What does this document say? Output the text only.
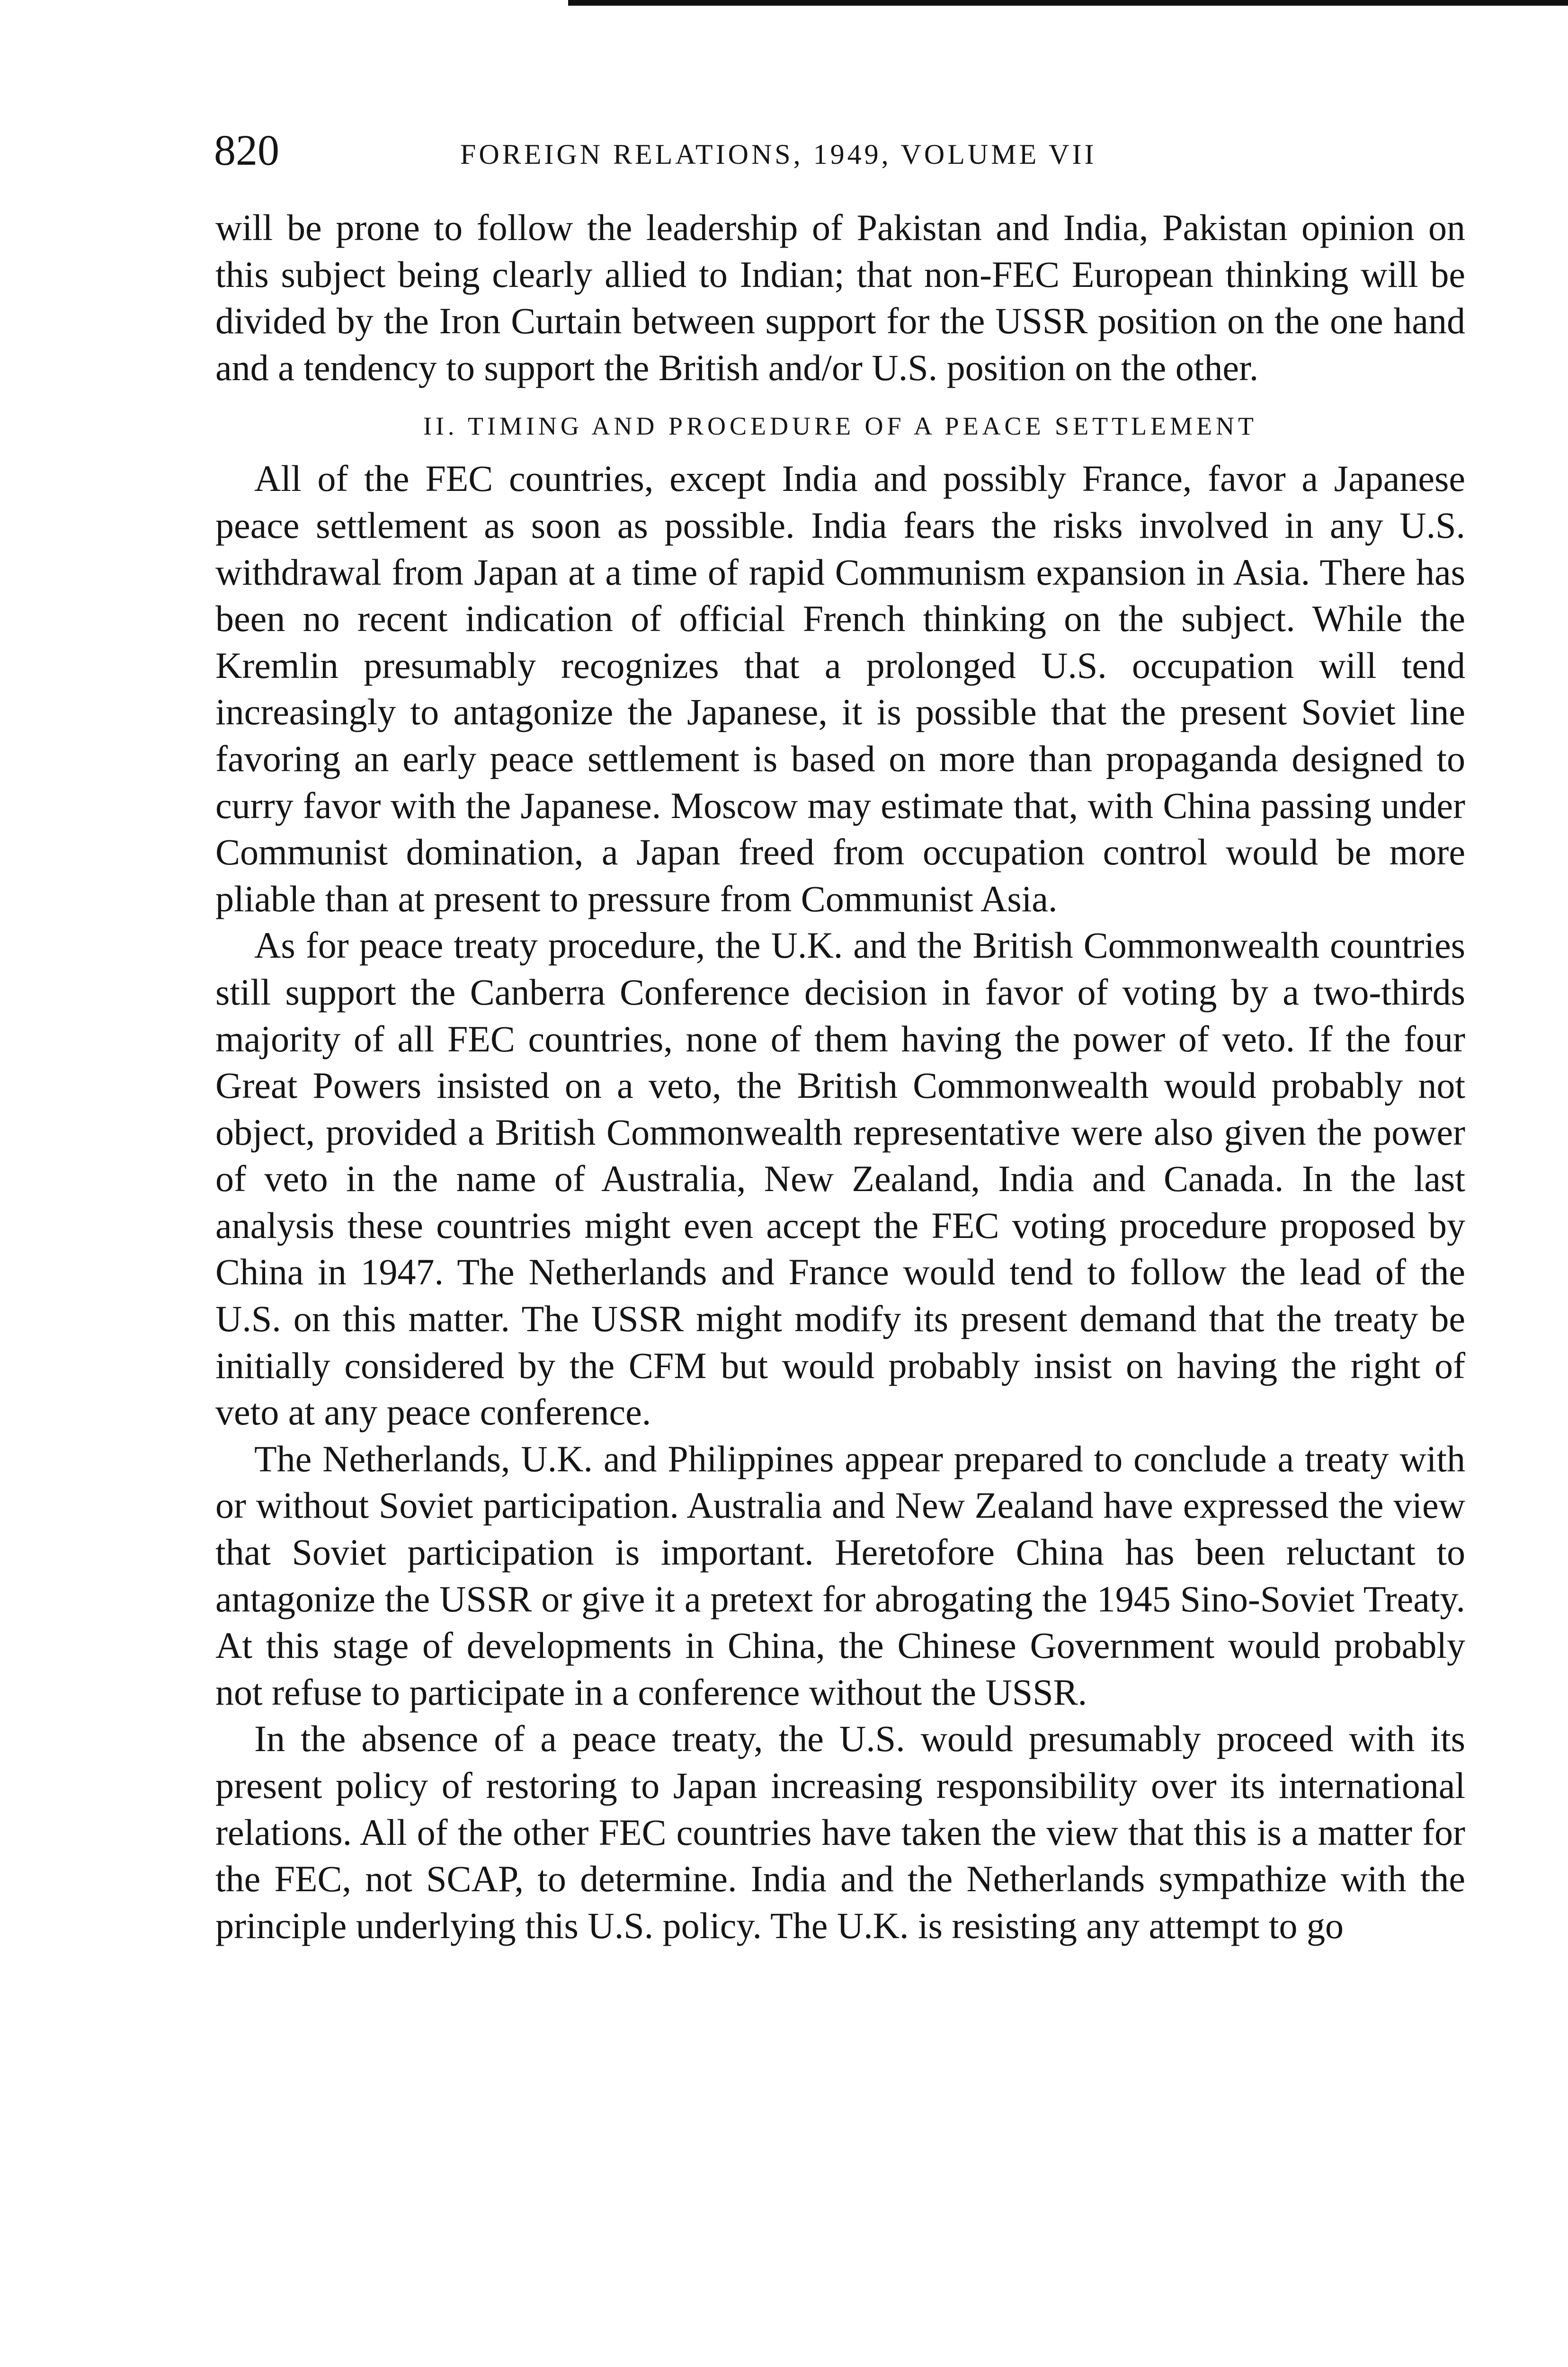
820	FOREIGN RELATIONS, 1949, VOLUME VII

will be prone to follow the leadership of Pakistan and India, Pakistan opinion on this subject being clearly allied to Indian; that non-FEC European thinking will be divided by the Iron Curtain between support for the USSR position on the one hand and a tendency to support the British and/or U.S. position on the other.

II. TIMING AND PROCEDURE OF A PEACE SETTLEMENT

All of the FEC countries, except India and possibly France, favor a Japanese peace settlement as soon as possible. India fears the risks involved in any U.S. withdrawal from Japan at a time of rapid Communism expansion in Asia. There has been no recent indication of official French thinking on the subject. While the Kremlin presumably recognizes that a prolonged U.S. occupation will tend increasingly to antagonize the Japanese, it is possible that the present Soviet line favoring an early peace settlement is based on more than propaganda designed to curry favor with the Japanese. Moscow may estimate that, with China passing under Communist domination, a Japan freed from occupation control would be more pliable than at present to pressure from Communist Asia.

As for peace treaty procedure, the U.K. and the British Commonwealth countries still support the Canberra Conference decision in favor of voting by a two-thirds majority of all FEC countries, none of them having the power of veto. If the four Great Powers insisted on a veto, the British Commonwealth would probably not object, provided a British Commonwealth representative were also given the power of veto in the name of Australia, New Zealand, India and Canada. In the last analysis these countries might even accept the FEC voting procedure proposed by China in 1947. The Netherlands and France would tend to follow the lead of the U.S. on this matter. The USSR might modify its present demand that the treaty be initially considered by the CFM but would probably insist on having the right of veto at any peace conference.

The Netherlands, U.K. and Philippines appear prepared to conclude a treaty with or without Soviet participation. Australia and New Zealand have expressed the view that Soviet participation is important. Heretofore China has been reluctant to antagonize the USSR or give it a pretext for abrogating the 1945 Sino-Soviet Treaty. At this stage of developments in China, the Chinese Government would probably not refuse to participate in a conference without the USSR.

In the absence of a peace treaty, the U.S. would presumably proceed with its present policy of restoring to Japan increasing responsibility over its international relations. All of the other FEC countries have taken the view that this is a matter for the FEC, not SCAP, to determine. India and the Netherlands sympathize with the principle underlying this U.S. policy. The U.K. is resisting any attempt to go
